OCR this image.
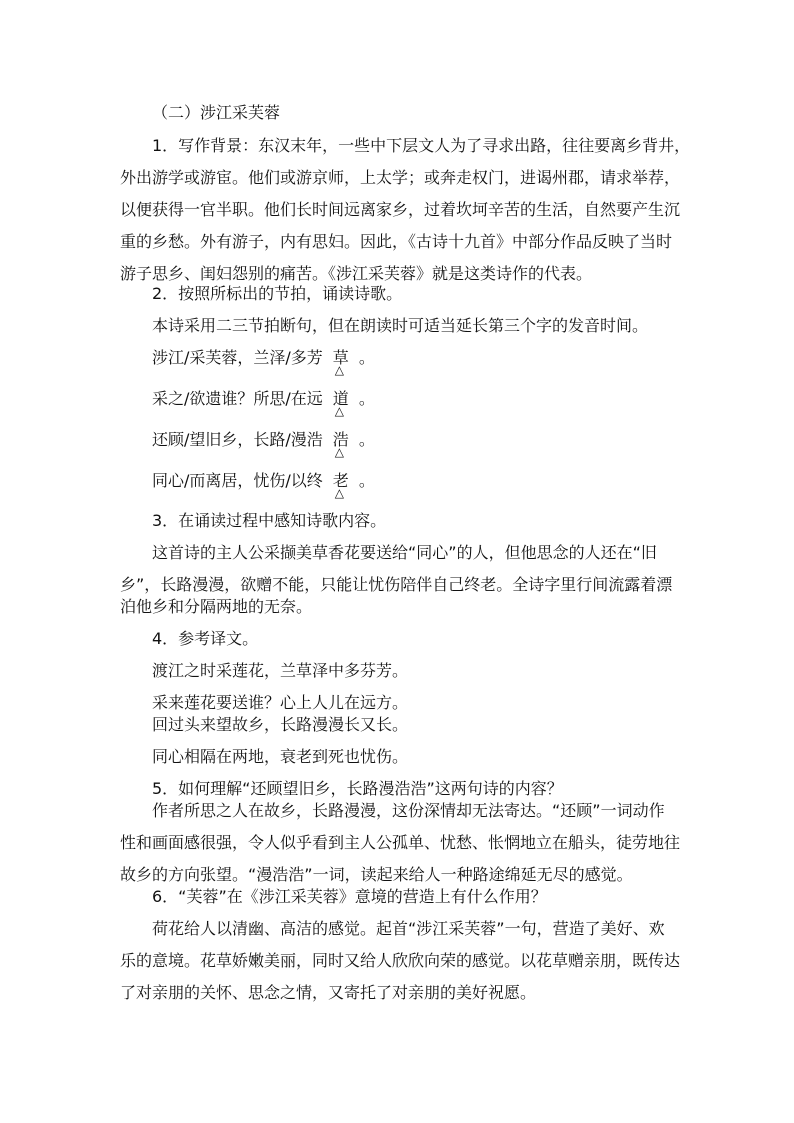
（二）涉江采芙蓉
1．写作背景：东汉末年，一些中下层文人为了寻求出路，往往要离乡背井，
外出游学或游宦。他们或游京师，上太学；或奔走权门，进谒州郡，请求举荐，
以便获得一官半职。他们长时间远离家乡，过着坎坷辛苦的生活，自然要产生沉
重的乡愁。外有游子，内有思妇。因此，《古诗十九首》中部分作品反映了当时
游子思乡、闺妇怨别的痛苦。《涉江采芙蓉》就是这类诗作的代表。
2．按照所标出的节拍，诵读诗歌。
本诗采用二三节拍断句，但在朗读时可适当延长第三个字的发音时间。
涉江/采芙蓉，兰泽/多芳 草
△
。
采之/欲遗谁？所思/在远 道
△
。
还顾/望旧乡，长路/漫浩 浩
△
。
同心/而离居，忧伤/以终 老
△
。
3．在诵读过程中感知诗歌内容。
这首诗的主人公采撷美草香花要送给“同心”的人，但他思念的人还在“旧
乡”，长路漫漫，欲赠不能，只能让忧伤陪伴自己终老。全诗字里行间流露着漂
泊他乡和分隔两地的无奈。
4．参考译文。
渡江之时采莲花，兰草泽中多芬芳。
采来莲花要送谁？心上人儿在远方。
回过头来望故乡，长路漫漫长又长。
同心相隔在两地，衰老到死也忧伤。
5．如何理解“还顾望旧乡，长路漫浩浩”这两句诗的内容？
作者所思之人在故乡，长路漫漫，这份深情却无法寄达。“还顾”一词动作
性和画面感很强，令人似乎看到主人公孤单、忧愁、怅惘地立在船头，徒劳地往
故乡的方向张望。“漫浩浩”一词，读起来给人一种路途绵延无尽的感觉。
6．“芙蓉”在《涉江采芙蓉》意境的营造上有什么作用？
荷花给人以清幽、高洁的感觉。起首“涉江采芙蓉”一句，营造了美好、欢
乐的意境。花草娇嫩美丽，同时又给人欣欣向荣的感觉。以花草赠亲朋，既传达
了对亲朋的关怀、思念之情，又寄托了对亲朋的美好祝愿。
